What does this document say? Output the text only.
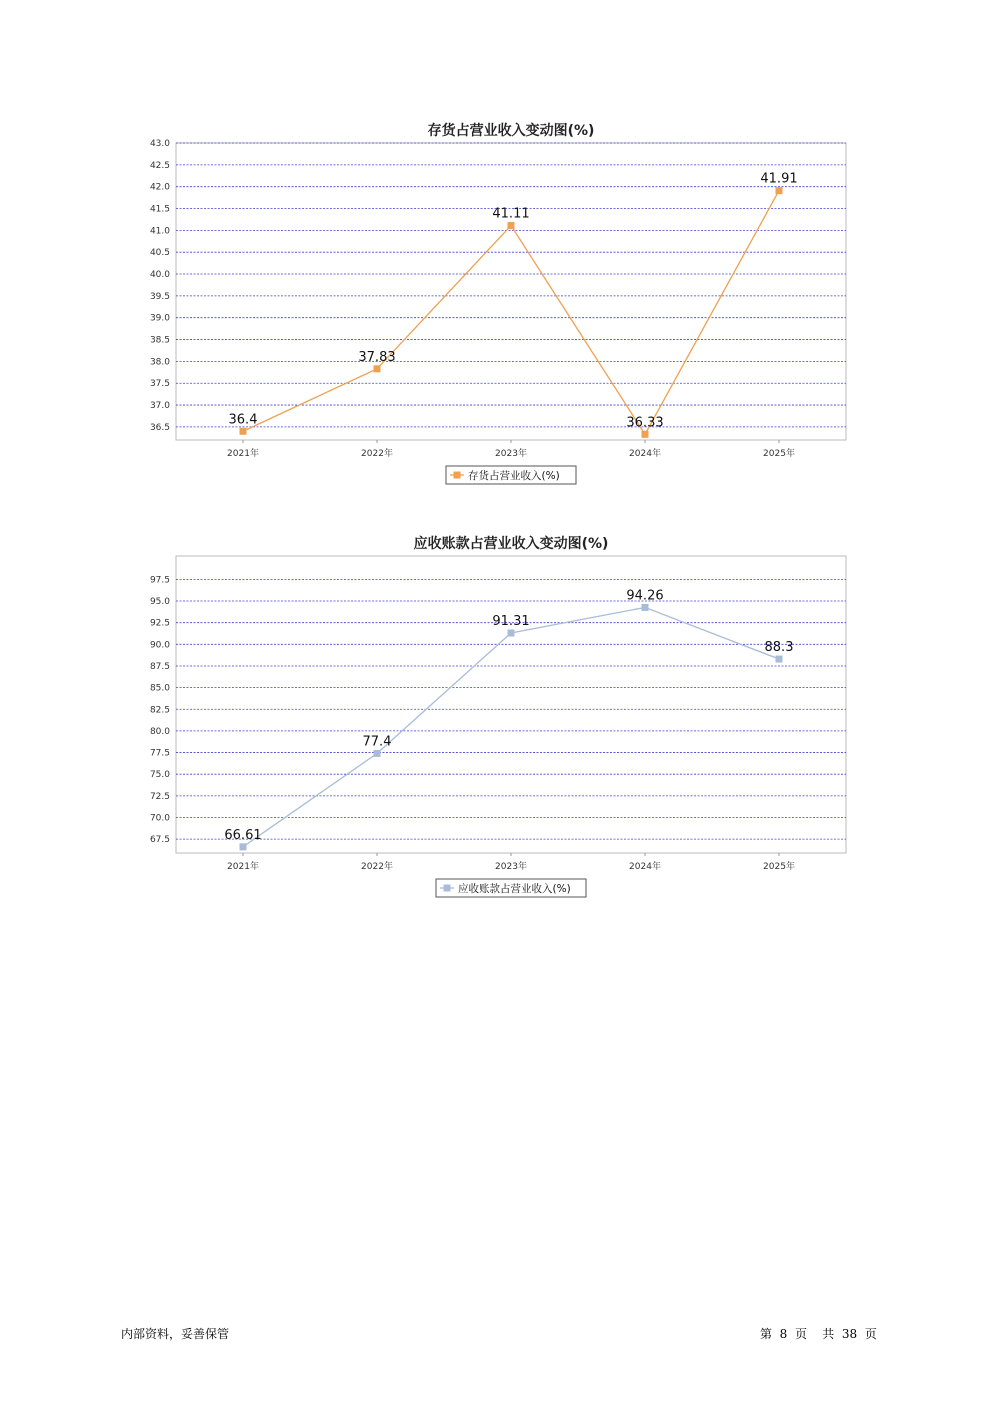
存货占营业收入变动图(%)
36.5
37.0
37.5
38.0
38.5
39.0
39.5
40.0
40.5
41.0
41.5
42.0
42.5
43.0
2021年	2022年	2023年	2024年	2025年
36.4
37.83
41.11
36.33
41.91
存货占营业收入(%)
应收账款占营业收入变动图(%)
67.5
70.0
72.5
75.0
77.5
80.0
82.5
85.0
87.5
90.0
92.5
95.0
97.5
2021年	2022年	2023年	2024年	2025年
66.61
77.4
91.31
94.26
88.3
应收账款占营业收入(%)
内部资料，妥善保管	第 8 页 共 38 页
